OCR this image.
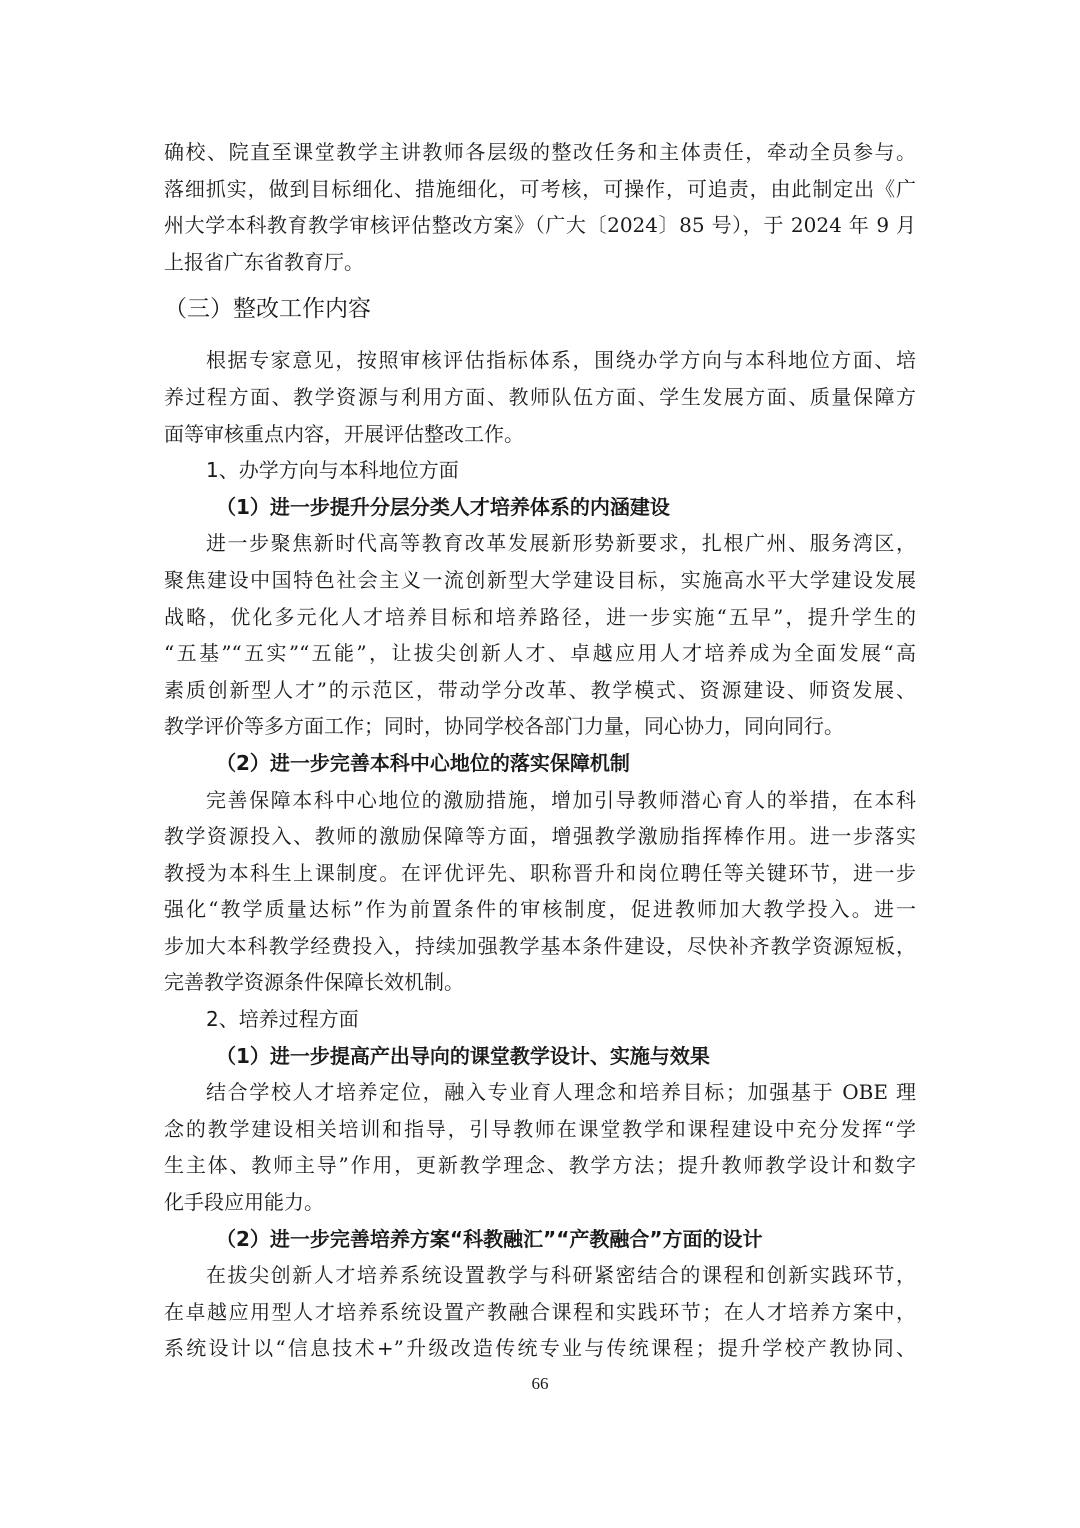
确校、院直至课堂教学主讲教师各层级的整改任务和主体责任，牵动全员参与。

落细抓实，做到目标细化、措施细化，可考核，可操作，可追责，由此制定出《广

州大学本科教育教学审核评估整改方案》（广大〔2024〕85 号），于 2024 年 9 月

上报省广东省教育厅。

（三）整改工作内容

根据专家意见，按照审核评估指标体系，围绕办学方向与本科地位方面、培

养过程方面、教学资源与利用方面、教师队伍方面、学生发展方面、质量保障方

面等审核重点内容，开展评估整改工作。

1、办学方向与本科地位方面

（1）进一步提升分层分类人才培养体系的内涵建设

进一步聚焦新时代高等教育改革发展新形势新要求，扎根广州、服务湾区，

聚焦建设中国特色社会主义一流创新型大学建设目标，实施高水平大学建设发展

战略，优化多元化人才培养目标和培养路径，进一步实施“五早”，提升学生的

“五基”“五实”“五能”，让拔尖创新人才、卓越应用人才培养成为全面发展“高

素质创新型人才”的示范区，带动学分改革、教学模式、资源建设、师资发展、

教学评价等多方面工作；同时，协同学校各部门力量，同心协力，同向同行。

（2）进一步完善本科中心地位的落实保障机制

完善保障本科中心地位的激励措施，增加引导教师潜心育人的举措，在本科

教学资源投入、教师的激励保障等方面，增强教学激励指挥棒作用。进一步落实

教授为本科生上课制度。在评优评先、职称晋升和岗位聘任等关键环节，进一步

强化“教学质量达标”作为前置条件的审核制度，促进教师加大教学投入。进一

步加大本科教学经费投入，持续加强教学基本条件建设，尽快补齐教学资源短板，

完善教学资源条件保障长效机制。

2、培养过程方面

（1）进一步提高产出导向的课堂教学设计、实施与效果

结合学校人才培养定位，融入专业育人理念和培养目标；加强基于 OBE 理

念的教学建设相关培训和指导，引导教师在课堂教学和课程建设中充分发挥“学

生主体、教师主导”作用，更新教学理念、教学方法；提升教师教学设计和数字

化手段应用能力。

（2）进一步完善培养方案“科教融汇”“产教融合”方面的设计

在拔尖创新人才培养系统设置教学与科研紧密结合的课程和创新实践环节，

在卓越应用型人才培养系统设置产教融合课程和实践环节；在人才培养方案中，

系统设计以“信息技术+”升级改造传统专业与传统课程；提升学校产教协同、

66
